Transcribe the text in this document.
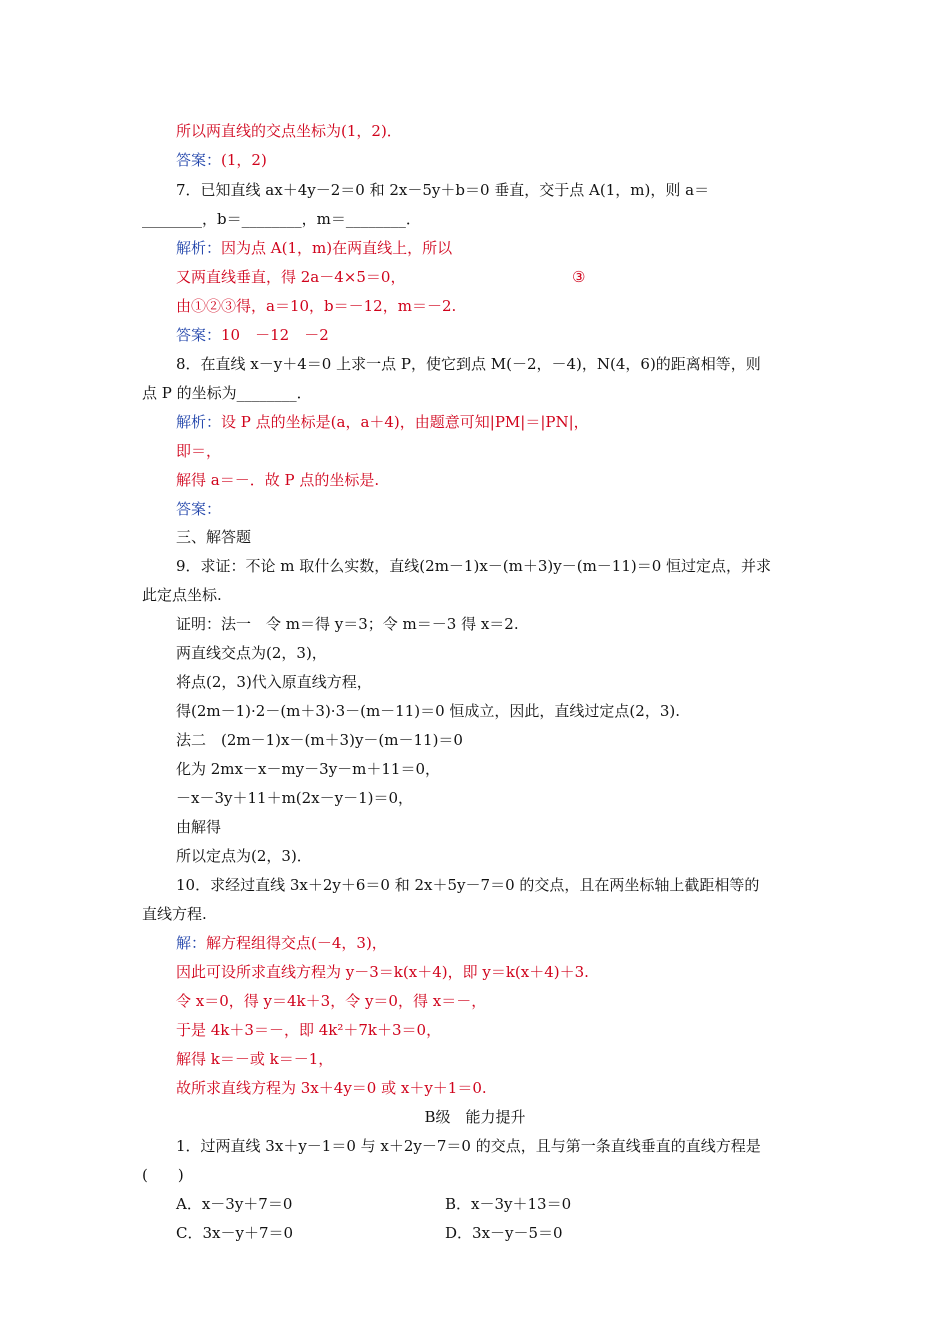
所以两直线的交点坐标为(1，2)．
答案：(1，2)
7．已知直线 ax＋4y－2＝0 和 2x－5y＋b＝0 垂直，交于点 A(1，m)，则 a＝
________，b＝________，m＝________．
解析：因为点 A(1，m)在两直线上，所以
又两直线垂直，得 2a－4×5＝0，
由①②③得，a＝10，b＝－12，m＝－2.
答案：10　－12　－2
8．在直线 x－y＋4＝0 上求一点 P，使它到点 M(－2，－4)，N(4，6)的距离相等，则
点 P 的坐标为________．
解析：设 P 点的坐标是(a，a＋4)，由题意可知|PM|＝|PN|，
即＝，
解得 a＝－．故 P 点的坐标是.
答案：
三、解答题
9．求证：不论 m 取什么实数，直线(2m－1)x－(m＋3)y－(m－11)＝0 恒过定点，并求
此定点坐标.
证明：法一　令 m＝得 y＝3；令 m＝－3 得 x＝2.
两直线交点为(2，3)，
将点(2，3)代入原直线方程，
得(2m－1)·2－(m＋3)·3－(m－11)＝0 恒成立，因此，直线过定点(2，3).
法二　(2m－1)x－(m＋3)y－(m－11)＝0
化为 2mx－x－my－3y－m＋11＝0，
－x－3y＋11＋m(2x－y－1)＝0，
由解得
所以定点为(2，3)．
10．求经过直线 3x＋2y＋6＝0 和 2x＋5y－7＝0 的交点，且在两坐标轴上截距相等的
直线方程.
解：解方程组得交点(－4，3)，
因此可设所求直线方程为 y－3＝k(x＋4)，即 y＝k(x＋4)＋3.
令 x＝0，得 y＝4k＋3，令 y＝0，得 x＝－，
于是 4k＋3＝－，即 4k²＋7k＋3＝0，
解得 k＝－或 k＝－1，
故所求直线方程为 3x＋4y＝0 或 x＋y＋1＝0.
1．过两直线 3x＋y－1＝0 与 x＋2y－7＝0 的交点，且与第一条直线垂直的直线方程是
(　　)
③
B级　能力提升
A．x－3y＋7＝0	B．x－3y＋13＝0
C．3x－y＋7＝0	D．3x－y－5＝0
